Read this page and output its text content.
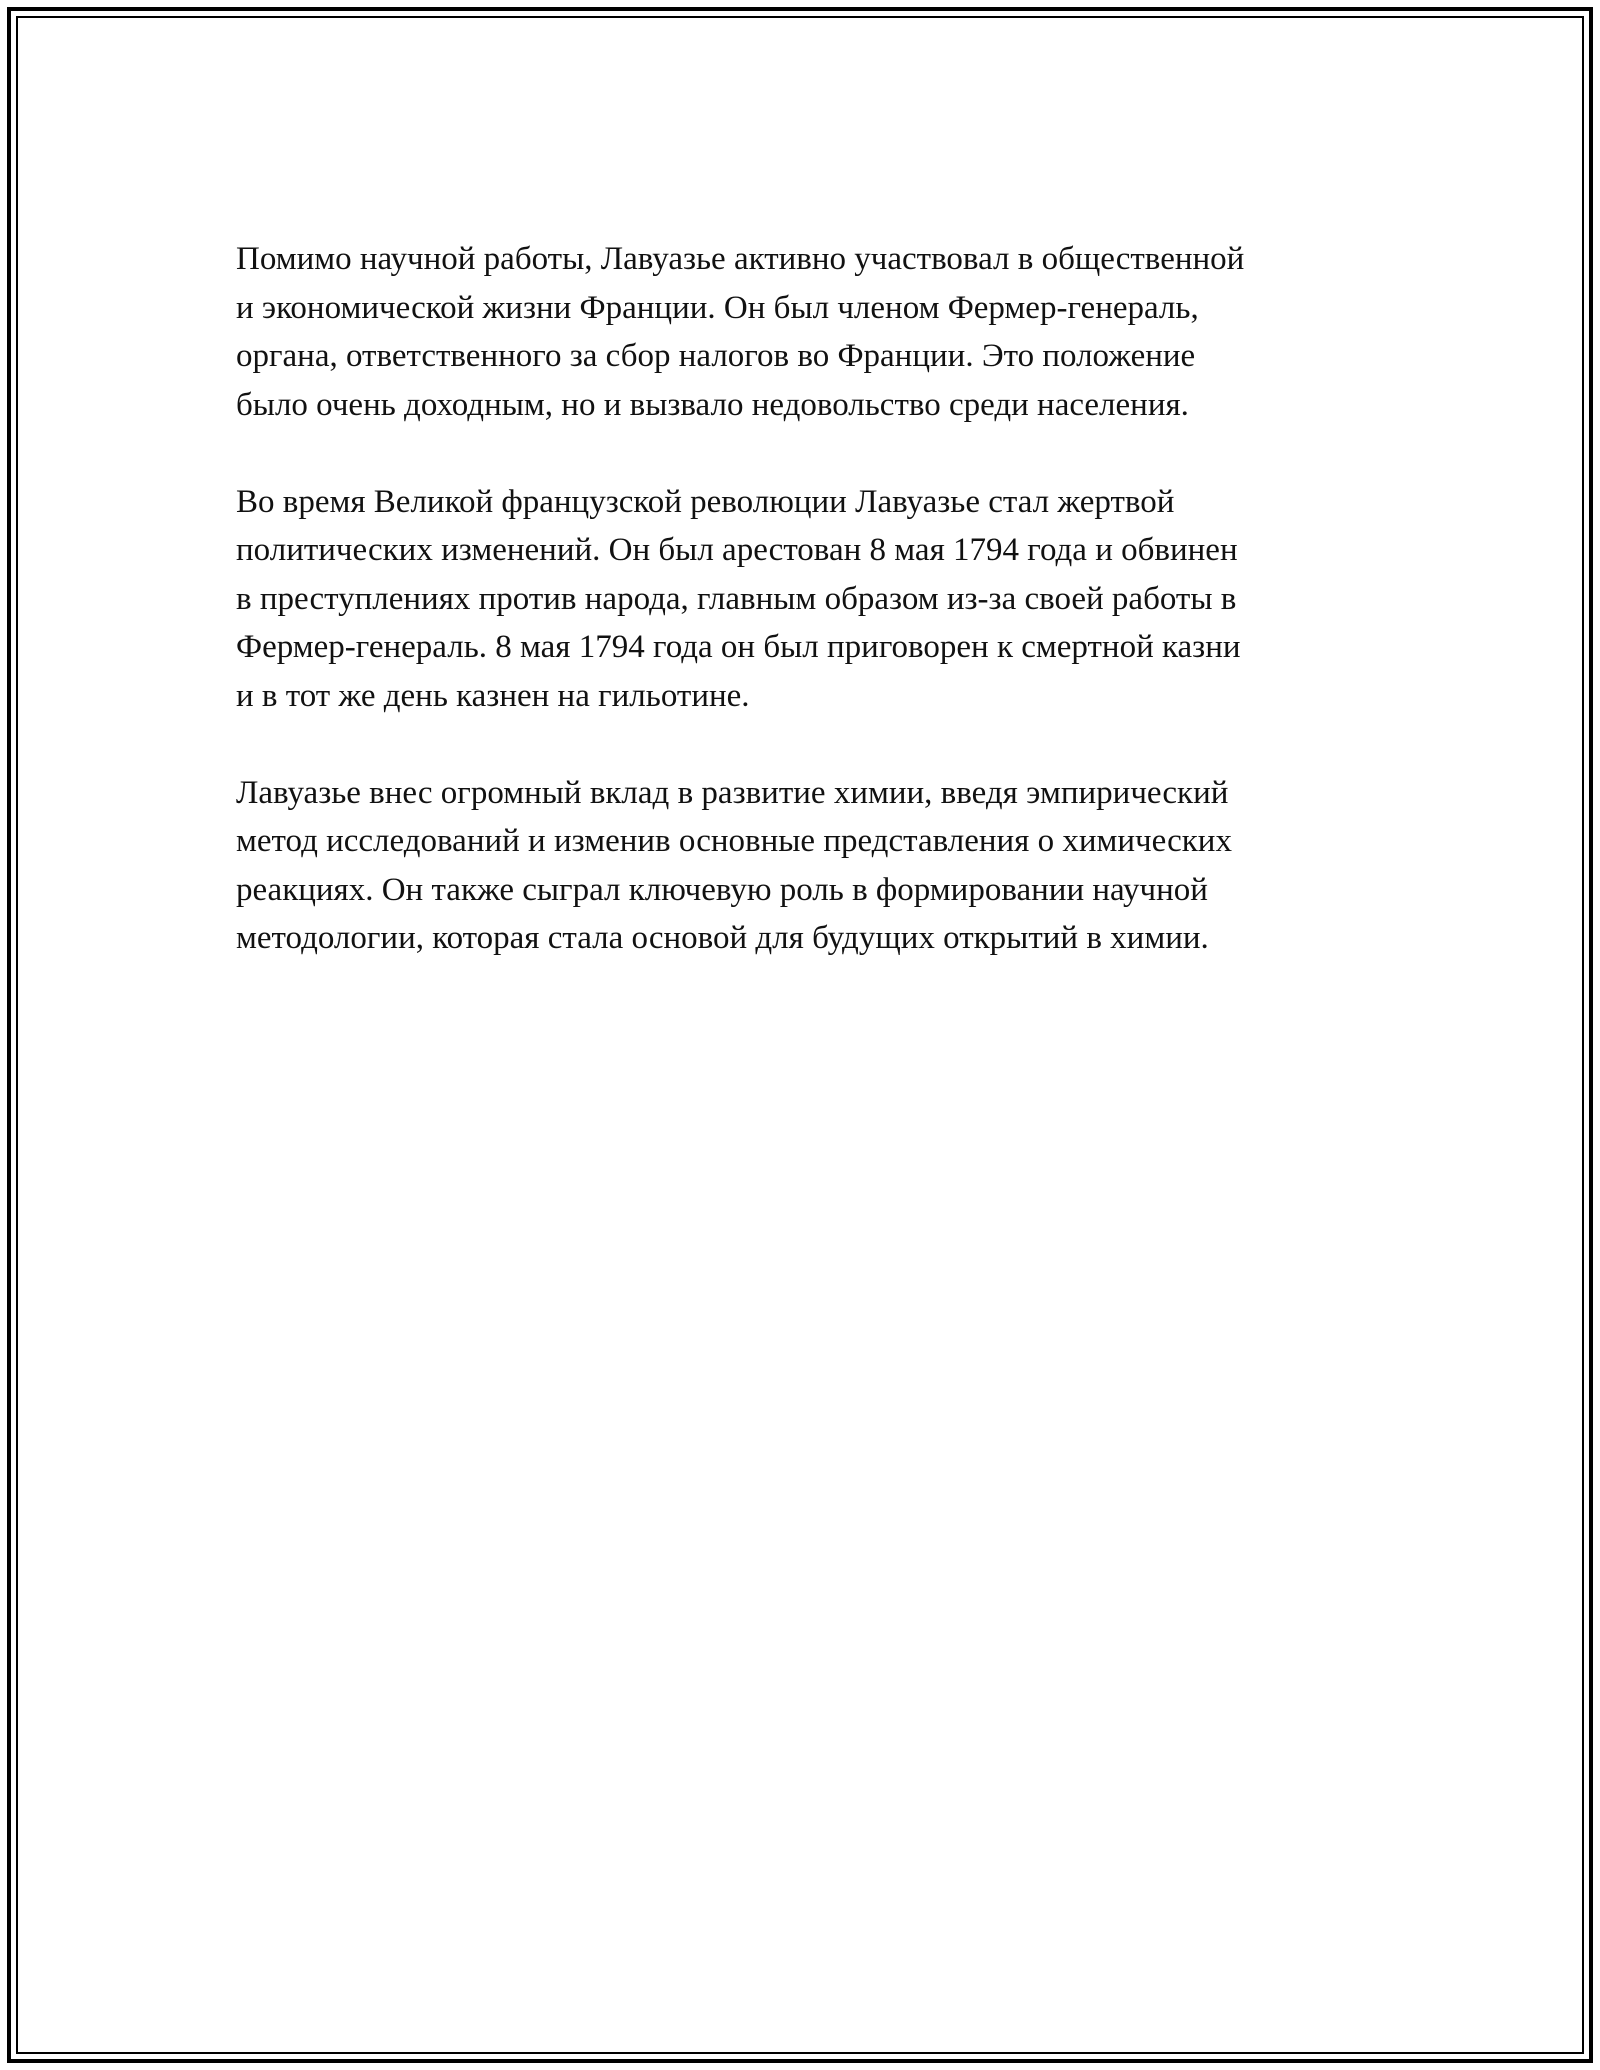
Помимо научной работы, Лавуазье активно участвовал в общественной
и экономической жизни Франции. Он был членом Фермер-генераль,
органа, ответственного за сбор налогов во Франции. Это положение
было очень доходным, но и вызвало недовольство среди населения.

Во время Великой французской революции Лавуазье стал жертвой
политических изменений. Он был арестован 8 мая 1794 года и обвинен
в преступлениях против народа, главным образом из-за своей работы в
Фермер-генераль. 8 мая 1794 года он был приговорен к смертной казни
и в тот же день казнен на гильотине.

Лавуазье внес огромный вклад в развитие химии, введя эмпирический
метод исследований и изменив основные представления о химических
реакциях. Он также сыграл ключевую роль в формировании научной
методологии, которая стала основой для будущих открытий в химии.
